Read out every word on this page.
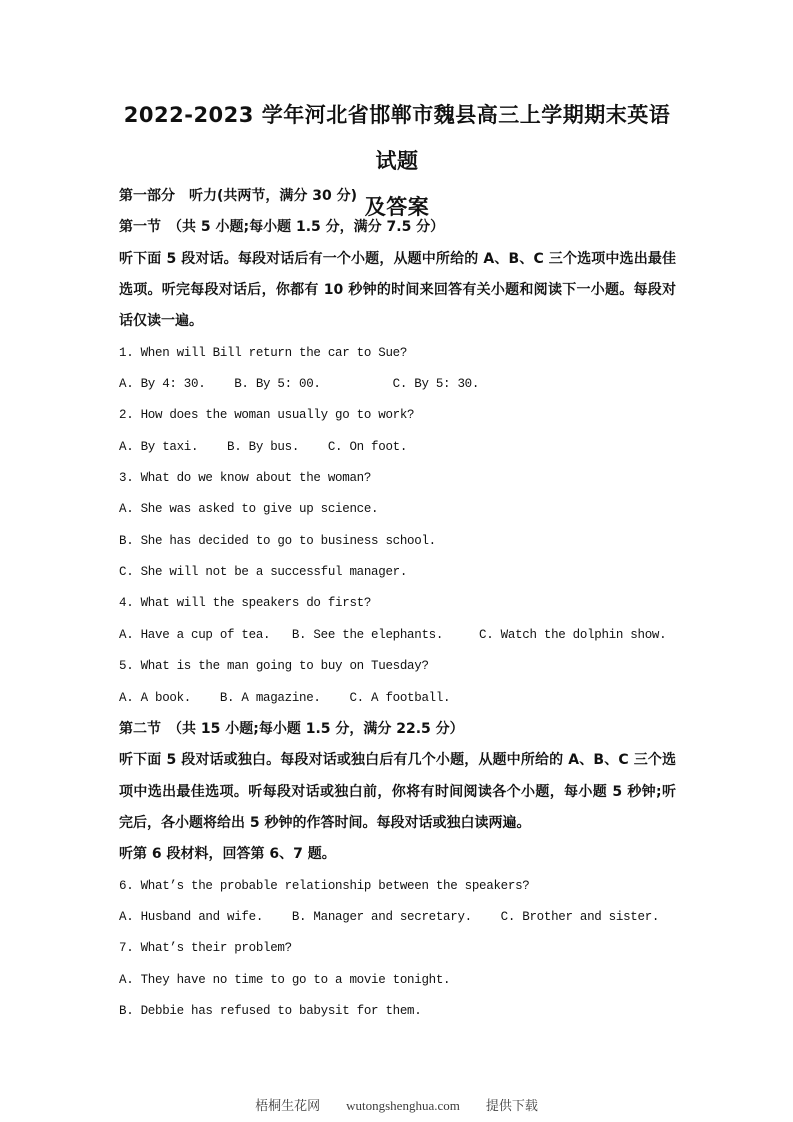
2022-2023 学年河北省邯郸市魏县高三上学期期末英语试题
及答案
第一部分　听力(共两节，满分 30 分)
第一节　（共 5 小题;每小题 1.5 分，满分 7.5 分）

听下面 5 段对话。每段对话后有一个小题，从题中所给的 A、B、C 三个选项中选出最佳选项。听完每段对话后，你都有 10 秒钟的时间来回答有关小题和阅读下一小题。每段对话仅读一遍。

1. When will Bill return the car to Sue?
A. By 4: 30.    B. By 5: 00.          C. By 5: 30.
2. How does the woman usually go to work?
A. By taxi.    B. By bus.    C. On foot.
3. What do we know about the woman?
A. She was asked to give up science.
B. She has decided to go to business school.
C. She will not be a successful manager.
4. What will the speakers do first?
A. Have a cup of tea.   B. See the elephants.     C. Watch the dolphin show.
5. What is the man going to buy on Tuesday?
A. A book.    B. A magazine.    C. A football.
第二节　（共 15 小题;每小题 1.5 分，满分 22.5 分）

听下面 5 段对话或独白。每段对话或独白后有几个小题，从题中所给的 A、B、C 三个选项中选出最佳选项。听每段对话或独白前，你将有时间阅读各个小题，每小题 5 秒钟;听完后，各小题将给出 5 秒钟的作答时间。每段对话或独白读两遍。

听第 6 段材料，回答第 6、7 题。
6. What’s the probable relationship between the speakers?
A. Husband and wife.    B. Manager and secretary.    C. Brother and sister.
7. What’s their problem?
A. They have no time to go to a movie tonight.
B. Debbie has refused to babysit for them.
梧桐生花网 wutongshenghua.com 提供下载
